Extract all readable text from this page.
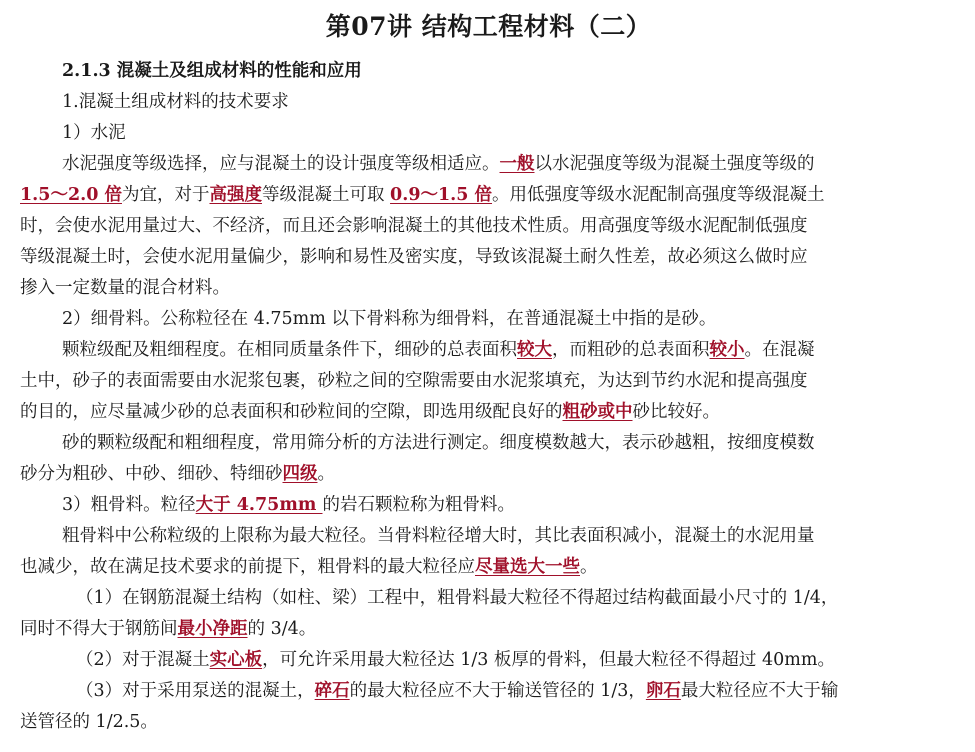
第07讲 结构工程材料（二）
2.1.3 混凝土及组成材料的性能和应用
1.混凝土组成材料的技术要求
1）水泥
水泥强度等级选择，应与混凝土的设计强度等级相适应。一般以水泥强度等级为混凝土强度等级的
1.5～2.0 倍为宜，对于高强度等级混凝土可取 0.9～1.5 倍。用低强度等级水泥配制高强度等级混凝土
时，会使水泥用量过大、不经济，而且还会影响混凝土的其他技术性质。用高强度等级水泥配制低强度
等级混凝土时，会使水泥用量偏少，影响和易性及密实度，导致该混凝土耐久性差，故必须这么做时应
掺入一定数量的混合材料。
2）细骨料。公称粒径在 4.75mm 以下骨料称为细骨料，在普通混凝土中指的是砂。
颗粒级配及粗细程度。在相同质量条件下，细砂的总表面积较大，而粗砂的总表面积较小。在混凝
土中，砂子的表面需要由水泥浆包裹，砂粒之间的空隙需要由水泥浆填充，为达到节约水泥和提高强度
的目的，应尽量减少砂的总表面积和砂粒间的空隙，即选用级配良好的粗砂或中砂比较好。
砂的颗粒级配和粗细程度，常用筛分析的方法进行测定。细度模数越大，表示砂越粗，按细度模数
砂分为粗砂、中砂、细砂、特细砂四级。
3）粗骨料。粒径大于 4.75mm 的岩石颗粒称为粗骨料。
粗骨料中公称粒级的上限称为最大粒径。当骨料粒径增大时，其比表面积减小，混凝土的水泥用量
也减少，故在满足技术要求的前提下，粗骨料的最大粒径应尽量选大一些。
（1）在钢筋混凝土结构（如柱、梁）工程中，粗骨料最大粒径不得超过结构截面最小尺寸的 1/4，
同时不得大于钢筋间最小净距的 3/4。
（2）对于混凝土实心板，可允许采用最大粒径达 1/3 板厚的骨料，但最大粒径不得超过 40mm。
（3）对于采用泵送的混凝土，碎石的最大粒径应不大于输送管径的 1/3，卵石最大粒径应不大于输
送管径的 1/2.5。
